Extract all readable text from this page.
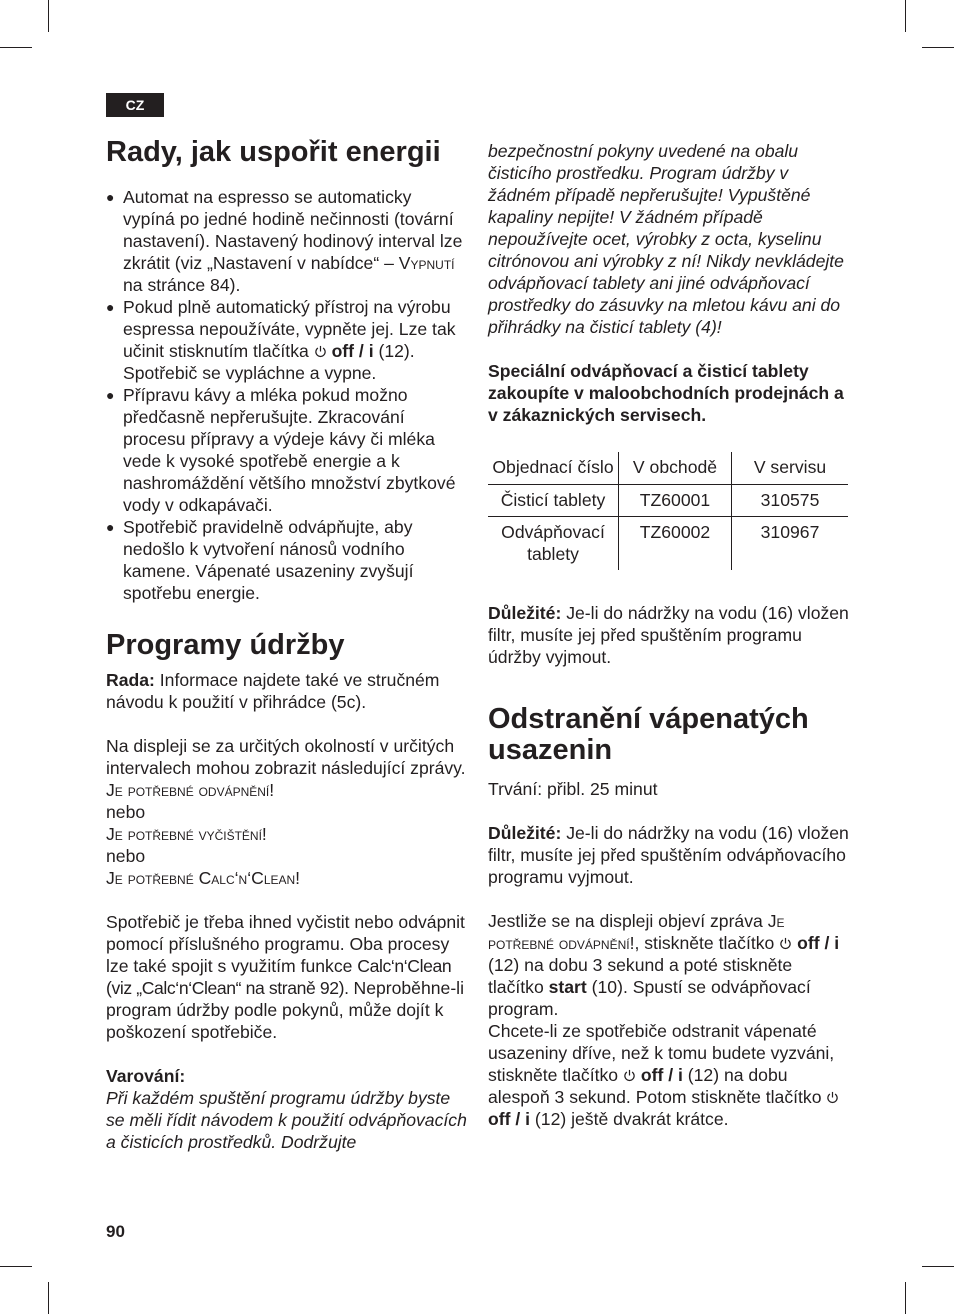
CZ
Rady, jak uspořit energii
● Automat na espresso se automaticky vypíná po jedné hodině nečinnosti (tovární nastavení). Nastavený hodinový interval lze zkrátit (viz „Nastavení v nabídce“ – Vypnutí na stránce 84).
● Pokud plně automatický přístroj na výrobu espressa nepoužíváte, vypněte jej. Lze tak učinit stisknutím tlačítka  off / i (12). Spotřebič se vypláchne a vypne.
● Přípravu kávy a mléka pokud možno předčasně nepřerušujte. Zkracování procesu přípravy a výdeje kávy či mléka vede k vysoké spotřebě energie a k nashromáždění většího množství zbytkové vody v odkapávači.
● Spotřebič pravidelně odvápňujte, aby nedošlo k vytvoření nánosů vodního kamene. Vápenaté usazeniny zvyšují spotřebu energie.
Programy údržby

Rada: Informace najdete také ve stručném návodu k použití v přihrádce (5c).

Na displeji se za určitých okolností v určitých intervalech mohou zobrazit následující zprávy.

Je potřebné odvápnění!

nebo

Je potřebné vyčištění!

nebo

Je potřebné Calc‘n‘Clean!

Spotřebič je třeba ihned vyčistit nebo odvápnit pomocí příslušného programu. Oba procesy lze také spojit s využitím funkce Calc‘n‘Clean (viz „Calc‘n‘Clean“ na straně 92). Neproběhne-li program údržby podle pokynů, může dojít k poškození spotřebiče.

Varování:

Při každém spuštění programu údržby byste se měli řídit návodem k použití odvápňovacích a čisticích prostředků. Dodržujte

bezpečnostní pokyny uvedené na obalu čisticího prostředku. Program údržby v žádném případě nepřerušujte! Vypuštěné kapaliny nepijte! V žádném případě nepoužívejte ocet, výrobky z octa, kyselinu citrónovou ani výrobky z ní! Nikdy nevkládejte odvápňovací tablety ani jiné odvápňovací prostředky do zásuvky na mletou kávu ani do přihrádky na čisticí tablety (4)!

Speciální odvápňovací a čisticí tablety zakoupíte v maloobchodních prodejnách a v zákaznických servisech.

Objednací číslo	V obchodě	V servisu
Čisticí tablety	TZ60001	310575
Odvápňovací tablety	TZ60002	310967

Důležité: Je-li do nádržky na vodu (16) vložen filtr, musíte jej před spuštěním programu údržby vyjmout.

Odstranění vápenatých usazenin

Trvání: přibl. 25 minut

Důležité: Je-li do nádržky na vodu (16) vložen filtr, musíte jej před spuštěním odvápňovacího programu vyjmout.

Jestliže se na displeji objeví zpráva Je potřebné odvápnění!, stiskněte tlačítko  off / i (12) na dobu 3 sekund a poté stiskněte tlačítko start (10). Spustí se odvápňovací program.

Chcete-li ze spotřebiče odstranit vápenaté usazeniny dříve, než k tomu budete vyzváni, stiskněte tlačítko  off / i (12) na dobu alespoň 3 sekund. Potom stiskněte tlačítko  off / i (12) ještě dvakrát krátce.

90
